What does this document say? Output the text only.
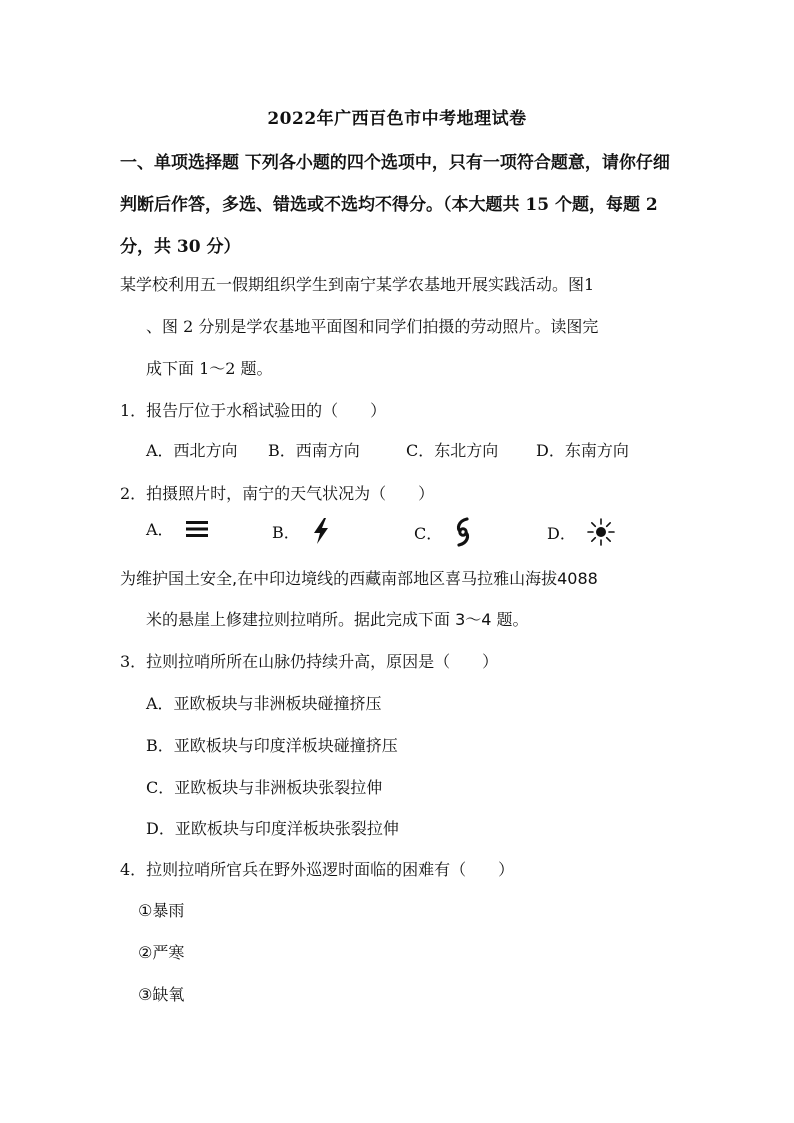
2022年广西百色市中考地理试卷
一、单项选择题 下列各小题的四个选项中，只有一项符合题意，请你仔细判断后作答，多选、错选或不选均不得分。（本大题共 15 个题，每题 2 分，共 30 分）
某学校利用五一假期组织学生到南宁某学农基地开展实践活动。图1
、图 2 分别是学农基地平面图和同学们拍摄的劳动照片。读图完
成下面 1～2 题。
1．报告厅位于水稻试验田的（　　）
A．西北方向 B．西南方向	C．东北方向 D．东南方向
2．拍摄照片时，南宁的天气状况为（　　）
A．	B．	C．	D．
为维护国土安全,在中印边境线的西藏南部地区喜马拉雅山海拔4088
米的悬崖上修建拉则拉哨所。据此完成下面 3～4 题。
3．拉则拉哨所所在山脉仍持续升高，原因是（　　）
A．亚欧板块与非洲板块碰撞挤压
B．亚欧板块与印度洋板块碰撞挤压
C．亚欧板块与非洲板块张裂拉伸
D．亚欧板块与印度洋板块张裂拉伸
4．拉则拉哨所官兵在野外巡逻时面临的困难有（　　）
①暴雨
②严寒
③缺氧
